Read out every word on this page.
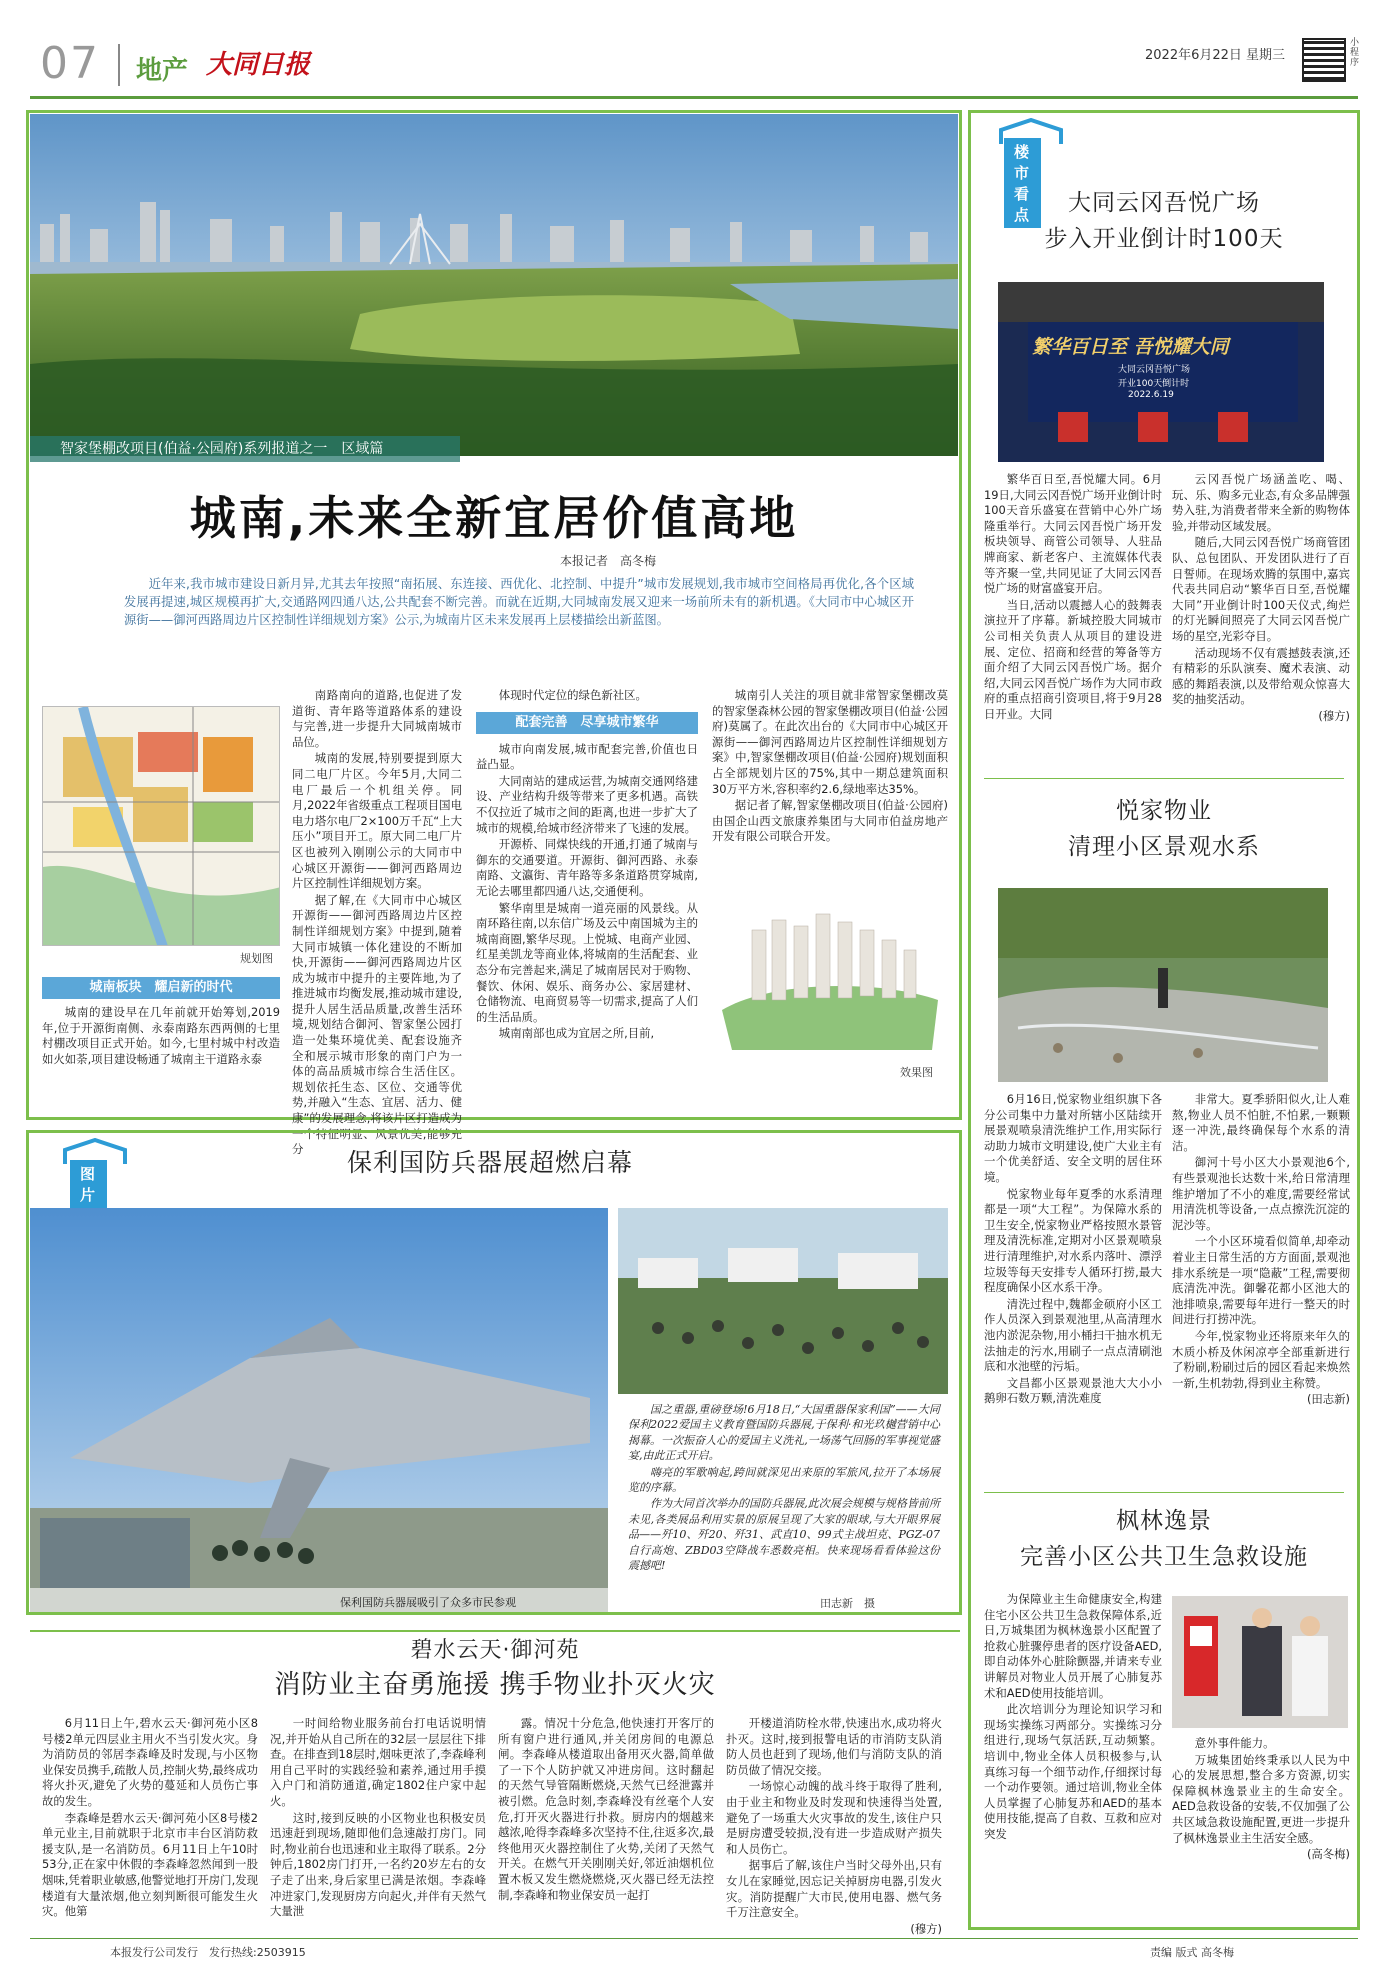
07 地产 大同日报	2022年6月22日 星期三
小程序
智家堡棚改项目(伯益·公园府)系列报道之一　区域篇
城南,未来全新宜居价值高地
本报记者　高冬梅
近年来,我市城市建设日新月异,尤其去年按照“南拓展、东连接、西优化、北控制、中提升”城市发展规划,我市城市空间格局再优化,各个区域发展再提速,城区规模再扩大,交通路网四通八达,公共配套不断完善。而就在近期,大同城南发展又迎来一场前所未有的新机遇。《大同市中心城区开源街——御河西路周边片区控制性详细规划方案》公示,为城南片区未来发展再上层楼描绘出新蓝图。
规划图
城南板块　耀启新的时代

城南的建设早在几年前就开始筹划,2019年,位于开源街南侧、永泰南路东西两侧的七里村棚改项目正式开始。如今,七里村城中村改造如火如荼,项目建设畅通了城南主干道路永泰

南路南向的道路,也促进了发道街、青年路等道路体系的建设与完善,进一步提升大同城南城市品位。

城南的发展,特别要提到原大同二电厂片区。今年5月,大同二电厂最后一个机组关停。同月,2022年省级重点工程项目国电电力塔尔电厂2×100万千瓦“上大压小”项目开工。原大同二电厂片区也被列入刚刚公示的大同市中心城区开源街——御河西路周边片区控制性详细规划方案。

据了解,在《大同市中心城区开源街——御河西路周边片区控制性详细规划方案》中提到,随着大同市城镇一体化建设的不断加快,开源街——御河西路周边片区成为城市中提升的主要阵地,为了推进城市均衡发展,推动城市建设,提升人居生活品质量,改善生活环境,规划结合御河、智家堡公园打造一处集环境优美、配套设施齐全和展示城市形象的南门户为一体的高品质城市综合生活住区。规划依托生态、区位、交通等优势,并融入“生态、宜居、活力、健康”的发展理念,将该片区打造成为一个特征明显、风景优美,能够充分

体现时代定位的绿色新社区。

配套完善　尽享城市繁华

城市向南发展,城市配套完善,价值也日益凸显。

大同南站的建成运营,为城南交通网络建设、产业结构升级等带来了更多机遇。高铁不仅拉近了城市之间的距离,也进一步扩大了城市的规模,给城市经济带来了飞速的发展。

开源桥、同煤快线的开通,打通了城南与御东的交通要道。开源街、御河西路、永泰南路、文瀛街、青年路等多条道路贯穿城南,无论去哪里都四通八达,交通便利。

繁华南里是城南一道亮丽的风景线。从南环路往南,以东信广场及云中南国城为主的城南商圈,繁华尽现。上悦城、电商产业园、红星美凯龙等商业体,将城南的生活配套、业态分布完善起来,满足了城南居民对于购物、餐饮、休闲、娱乐、商务办公、家居建材、仓储物流、电商贸易等一切需求,提高了人们的生活品质。

城南南部也成为宜居之所,目前,

城南引人关注的项目就非常智家堡棚改莫的智家堡森林公园的智家堡棚改项目(伯益·公园府)莫属了。在此次出台的《大同市中心城区开源街——御河西路周边片区控制性详细规划方案》中,智家堡棚改项目(伯益·公园府)规划面积占全部规划片区的75%,其中一期总建筑面积30万平方米,容积率约2.6,绿地率达35%。

据记者了解,智家堡棚改项目(伯益·公园府)由国企山西文旅康养集团与大同市伯益房地产开发有限公司联合开发。

效果图
图片
保利国防兵器展超燃启幕
保利国防兵器展吸引了众多市民参观

国之重器,重磅登场!6月18日,“大国重器保家利国”——大同保利2022爱国主义教育暨国防兵器展,于保利·和光玖樾营销中心揭幕。一次振奋人心的爱国主义洗礼,一场荡气回肠的军事视觉盛宴,由此正式开启。

嗨亮的军歌响起,跨间就深见出来原的军旅风,拉开了本场展览的序幕。

作为大同首次举办的国防兵器展,此次展会规模与规格皆前所未见,各类展品利用实景的原展呈现了大家的眼球,与大开眼界展品——歼10、歼20、歼31、武直10、99式主战坦克、PGZ-07自行高炮、ZBD03空降战车悉数亮相。快来现场看看体验这份震撼吧!

田志新　摄
碧水云天·御河苑
消防业主奋勇施援 携手物业扑灭火灾

6月11日上午,碧水云天·御河苑小区8号楼2单元四层业主用火不当引发火灾。身为消防员的邻居李森峰及时发现,与小区物业保安员携手,疏散人员,控制火势,最终成功将火扑灭,避免了火势的蔓延和人员伤亡事故的发生。

李森峰是碧水云天·御河苑小区8号楼2单元业主,目前就职于北京市丰台区消防救援支队,是一名消防员。6月11日上午10时53分,正在家中休假的李森峰忽然闻到一股烟味,凭着职业敏感,他警觉地打开房门,发现楼道有大量浓烟,他立刻判断很可能发生火灾。他第

一时间给物业服务前台打电话说明情况,并开始从自己所在的32层一层层往下排查。在排查到18层时,烟味更浓了,李森峰利用自己平时的实践经验和素养,通过用手摸入户门和消防通道,确定1802住户家中起火。

这时,接到反映的小区物业也积极安员迅速赶到现场,随即他们急速敲打房门。同时,物业前台也迅速和业主取得了联系。2分钟后,1802房门打开,一名约20岁左右的女子走了出来,身后家里已满是浓烟。李森峰冲进家门,发现厨房方向起火,并伴有天然气大量泄

露。情况十分危急,他快速打开客厅的所有窗户进行通风,并关闭房间的电源总闸。李森峰从楼道取出备用灭火器,简单做了一下个人防护就又冲进房间。这时翻起的天然气导管隔断燃烧,天然气已经泄露并被引燃。危急时刻,李森峰没有丝毫个人安危,打开灭火器进行扑救。厨房内的烟越来越浓,呛得李森峰多次坚持不住,往返多次,最终他用灭火器控制住了火势,关闭了天然气开关。在燃气开关刚刚关好,邻近油烟机位置木板又发生燃烧燃烧,灭火器已经无法控制,李森峰和物业保安员一起打

开楼道消防栓水带,快速出水,成功将火扑灭。这时,接到报警电话的市消防支队消防人员也赶到了现场,他们与消防支队的消防员做了情况交接。

一场惊心动魄的战斗终于取得了胜利,由于业主和物业及时发现和快速得当处置,避免了一场重大火灾事故的发生,该住户只是厨房遭受较损,没有进一步造成财产损失和人员伤亡。

据事后了解,该住户当时父母外出,只有女儿在家睡觉,因忘记关掉厨房电器,引发火灾。消防提醒广大市民,使用电器、燃气务千万注意安全。

(穆方)
楼市看点	大同云冈吾悦广场
步入开业倒计时100天
繁华百日至 吾悦耀大同
大同云冈吾悦广场
开业100天倒计时
2022.6.19

繁华百日至,吾悦耀大同。6月19日,大同云冈吾悦广场开业倒计时100天音乐盛宴在营销中心外广场隆重举行。大同云冈吾悦广场开发板块领导、商管公司领导、人驻品牌商家、新老客户、主流媒体代表等齐聚一堂,共同见证了大同云冈吾悦广场的财富盛宴开启。

当日,活动以震撼人心的鼓舞表演拉开了序幕。新城控股大同城市公司相关负责人从项目的建设进展、定位、招商和经营的筹备等方面介绍了大同云冈吾悦广场。据介绍,大同云冈吾悦广场作为大同市政府的重点招商引资项目,将于9月28日开业。大同

云冈吾悦广场涵盖吃、喝、玩、乐、购多元业态,有众多品牌强势入驻,为消费者带来全新的购物体验,并带动区域发展。

随后,大同云冈吾悦广场商管团队、总包团队、开发团队进行了百日誓师。在现场欢腾的氛围中,嘉宾代表共同启动“繁华百日至,吾悦耀大同”开业倒计时100天仪式,绚烂的灯光瞬间照亮了大同云冈吾悦广场的星空,光彩夺目。

活动现场不仅有震撼鼓表演,还有精彩的乐队演奏、魔术表演、动感的舞蹈表演,以及带给观众惊喜大奖的抽奖活动。

(穆方)
悦家物业
清理小区景观水系

6月16日,悦家物业组织旗下各分公司集中力量对所辖小区陆续开展景观喷泉清洗维护工作,用实际行动助力城市文明建设,使广大业主有一个优美舒适、安全文明的居住环境。

悦家物业每年夏季的水系清理都是一项“大工程”。为保障水系的卫生安全,悦家物业严格按照水景管理及清洗标准,定期对小区景观喷泉进行清理维护,对水系内落叶、漂浮垃圾等每天安排专人循环打捞,最大程度确保小区水系干净。

清洗过程中,魏都金硕府小区工作人员深入到景观池里,从高清理水池内淤泥杂物,用小桶扫干抽水机无法抽走的污水,用刷子一点点清刷池底和水池壁的污垢。

文昌都小区景观景池大大小小鹅卵石数万颗,清洗难度

非常大。夏季骄阳似火,让人难熬,物业人员不怕脏,不怕累,一颗颗逐一冲洗,最终确保每个水系的清洁。

御河十号小区大小景观池6个,有些景观池长达数十米,给日常清理维护增加了不小的难度,需要经常试用清洗机等设备,一点点擦洗沉淀的泥沙等。

一个小区环境看似简单,却牵动着业主日常生活的方方面面,景观池排水系统是一项“隐蔽”工程,需要彻底清洗冲洗。御馨花都小区池大的池排喷泉,需要每年进行一整天的时间进行打捞冲洗。

今年,悦家物业还将原来年久的木质小桥及休闲凉亭全部重新进行了粉刷,粉刷过后的园区看起来焕然一新,生机勃勃,得到业主称赞。

(田志新)
枫林逸景
完善小区公共卫生急救设施

为保障业主生命健康安全,构建住宅小区公共卫生急救保障体系,近日,万城集团为枫林逸景小区配置了抢救心脏骤停患者的医疗设备AED,即自动体外心脏除颤器,并请来专业讲解员对物业人员开展了心肺复苏术和AED使用技能培训。

此次培训分为理论知识学习和现场实操练习两部分。实操练习分组进行,现场气氛活跃,互动频繁。培训中,物业全体人员积极参与,认真练习每一个细节动作,仔细探讨每一个动作要领。通过培训,物业全体人员掌握了心肺复苏和AED的基本使用技能,提高了自救、互救和应对突发

意外事件能力。

万城集团始终秉承以人民为中心的发展思想,整合多方资源,切实保障枫林逸景业主的生命安全。AED急救设备的安装,不仅加强了公共区域急救设施配置,更进一步提升了枫林逸景业主生活安全感。

(高冬梅)
本报发行公司发行　发行热线:2503915	责编 版式 高冬梅
